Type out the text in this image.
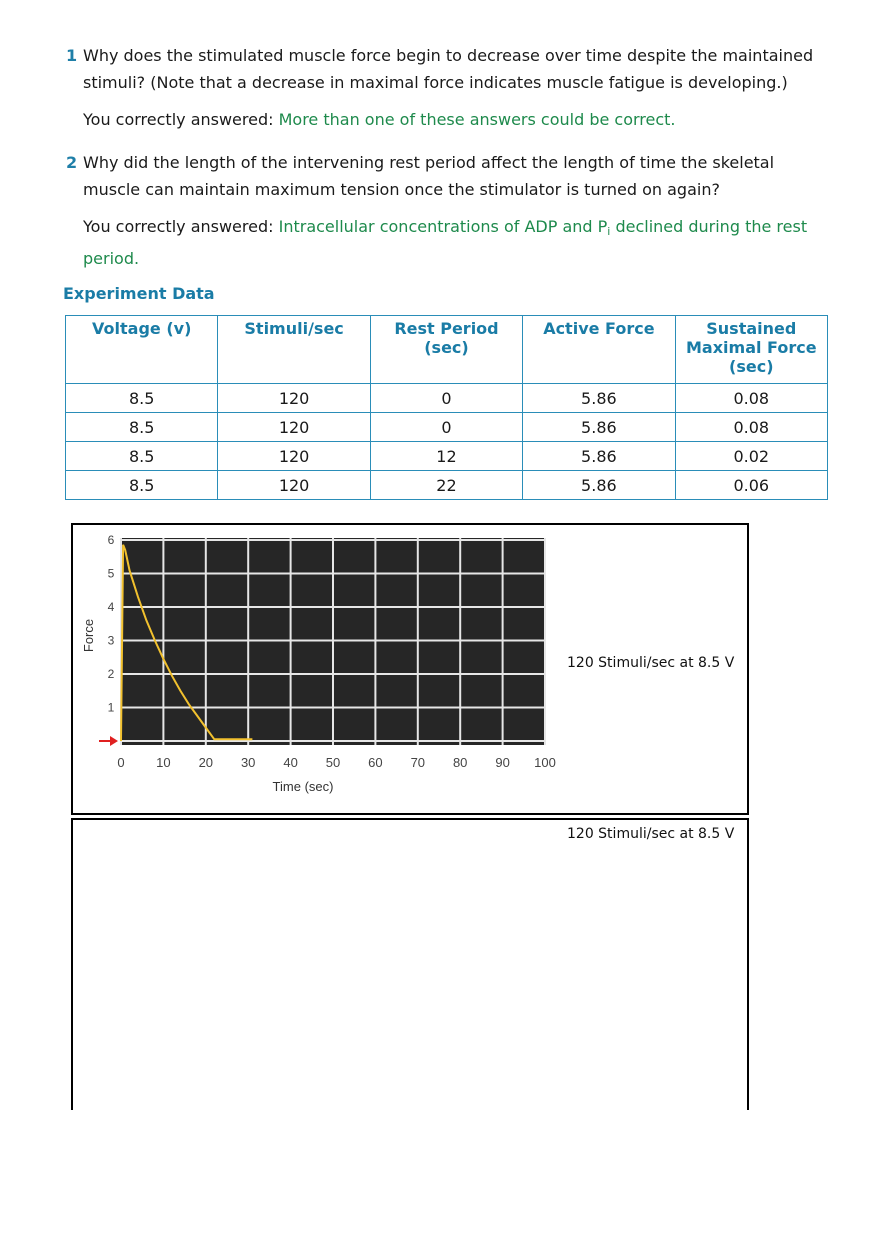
1 Why does the stimulated muscle force begin to decrease over time despite the maintained stimuli? (Note that a decrease in maximal force indicates muscle fatigue is developing.)
You correctly answered: More than one of these answers could be correct.
2 Why did the length of the intervening rest period affect the length of time the skeletal muscle can maintain maximum tension once the stimulator is turned on again?
You correctly answered: Intracellular concentrations of ADP and $P_i$ declined during the rest period.
Experiment Data
Voltage (v)	Stimuli/sec	Rest Period (sec)	Active Force	Sustained Maximal Force (sec)
8.5	120	0	5.86	0.08
8.5	120	0	5.86	0.08
8.5	120	12	5.86	0.02
8.5	120	22	5.86	0.06
0 10 20 30 40 50 60 70 80 90 100
1
2
3
4
5
6
Time (sec)
Force
120 Stimuli/sec at 8.5 V
120 Stimuli/sec at 8.5 V
